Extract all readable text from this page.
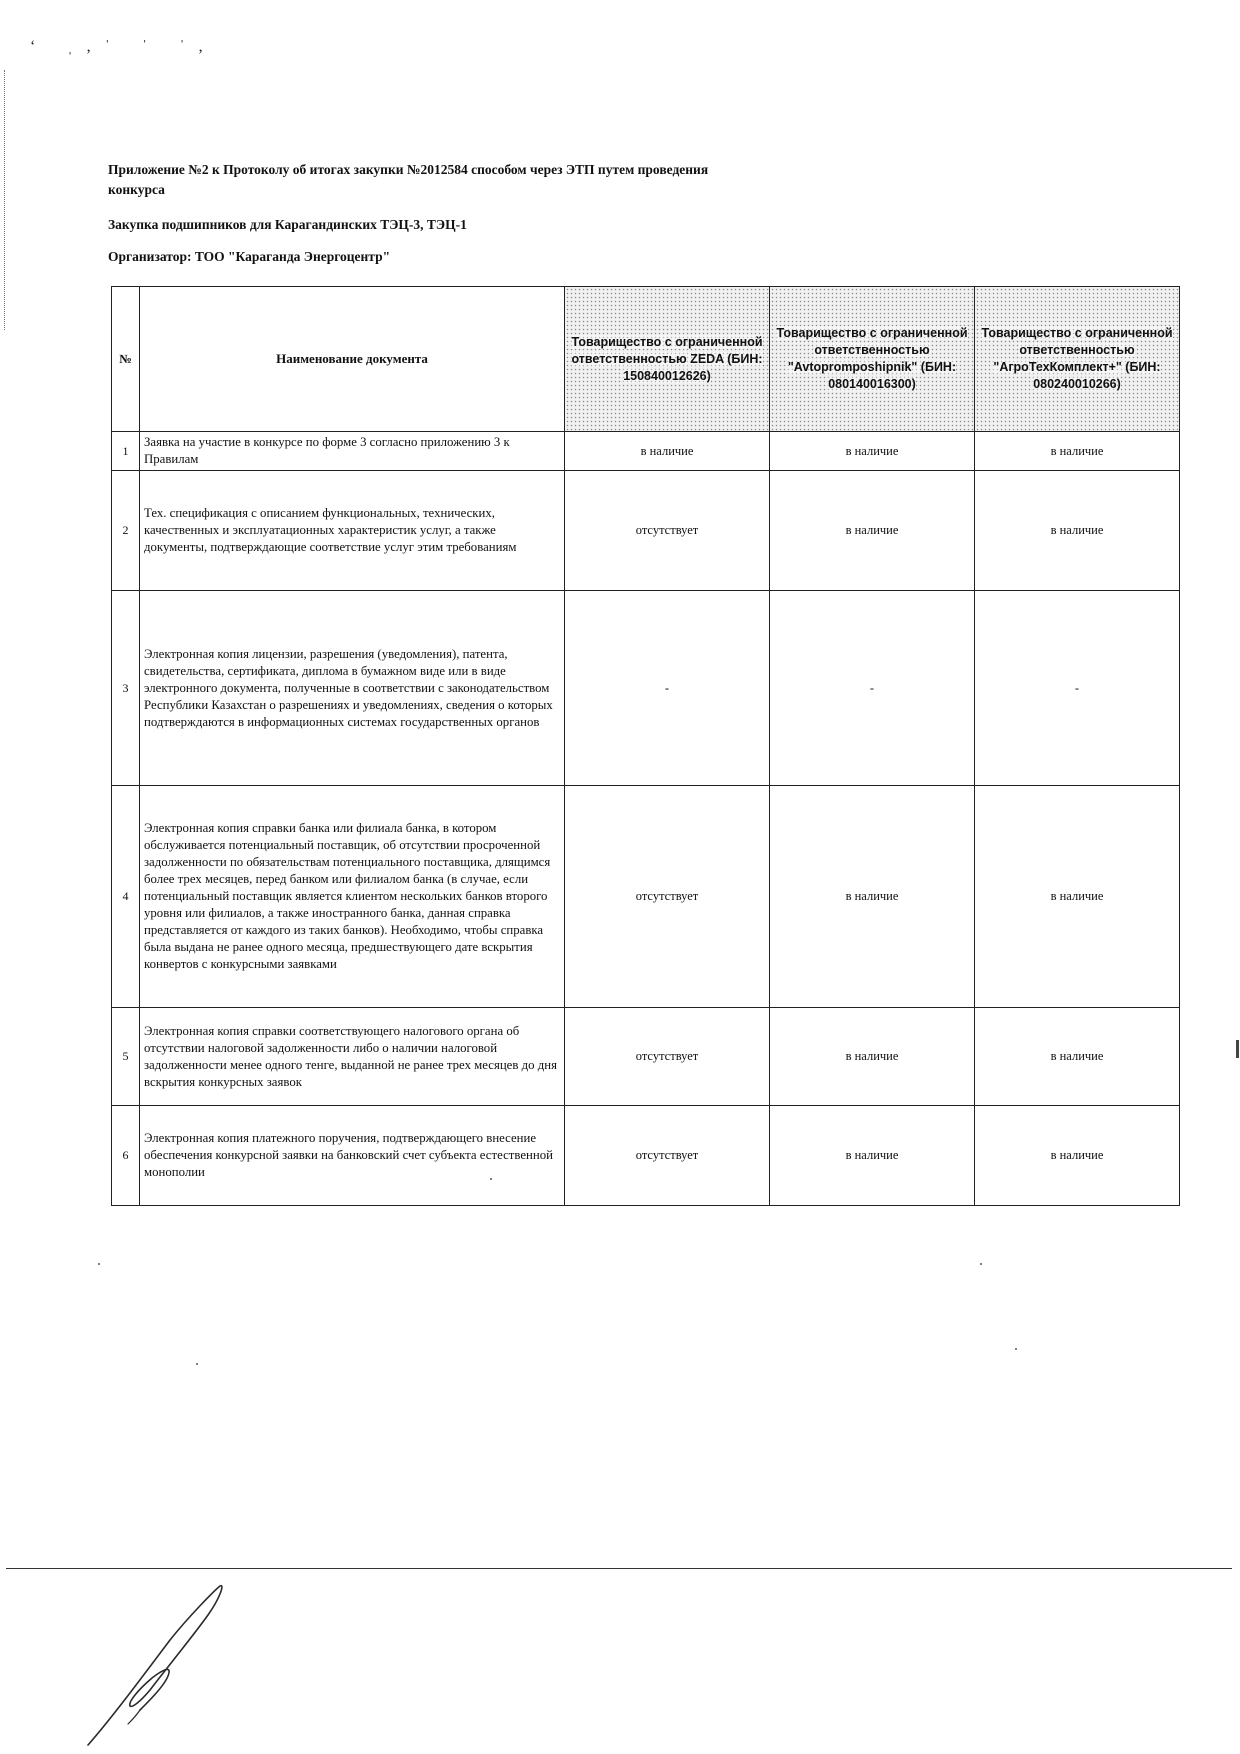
‘ ˌ,ˈ ˈ ˈ,

Приложение №2 к Протоколу об итогах закупки №2012584 способом через ЭТП путем проведения

конкурса

Закупка подшипников для Карагандинских ТЭЦ-3, ТЭЦ-1
Организатор: ТОО "Караганда Энергоцентр"
№	Наименование документа	Товарищество с ограниченной ответственностью ZEDA (БИН: 150840012626)	Товарищество с ограниченной ответственностью "Avtopromposhipnik" (БИН: 080140016300)	Товарищество с ограниченной ответственностью "АгроТехКомплект+" (БИН: 080240010266)
1	Заявка на участие в конкурсе по форме 3 согласно приложению 3 к Правилам	в наличие	в наличие	в наличие
2	Тех. спецификация с описанием функциональных, технических, качественных и эксплуатационных характеристик услуг, а также документы, подтверждающие соответствие услуг этим требованиям	отсутствует	в наличие	в наличие
3	Электронная копия лицензии, разрешения (уведомления), патента, свидетельства, сертификата, диплома в бумажном виде или в виде электронного документа, полученные в соответствии с законодательством Республики Казахстан о разрешениях и уведомлениях, сведения о которых подтверждаются в информационных системах государственных органов	-	-	-
4	Электронная копия справки банка или филиала банка, в котором обслуживается потенциальный поставщик, об отсутствии просроченной задолженности по обязательствам потенциального поставщика, длящимся более трех месяцев, перед банком или филиалом банка (в случае, если потенциальный поставщик является клиентом нескольких банков второго уровня или филиалов, а также иностранного банка, данная справка представляется от каждого из таких банков). Необходимо, чтобы справка была выдана не ранее одного месяца, предшествующего дате вскрытия конвертов с конкурсными заявками	отсутствует	в наличие	в наличие
5	Электронная копия справки соответствующего налогового органа об отсутствии налоговой задолженности либо о наличии налоговой задолженности менее одного тенге, выданной не ранее трех месяцев до дня вскрытия конкурсных заявок	отсутствует	в наличие	в наличие
6	Электронная копия платежного поручения, подтверждающего внесение обеспечения конкурсной заявки на банковский счет субъекта естественной монополии	отсутствует	в наличие	в наличие
